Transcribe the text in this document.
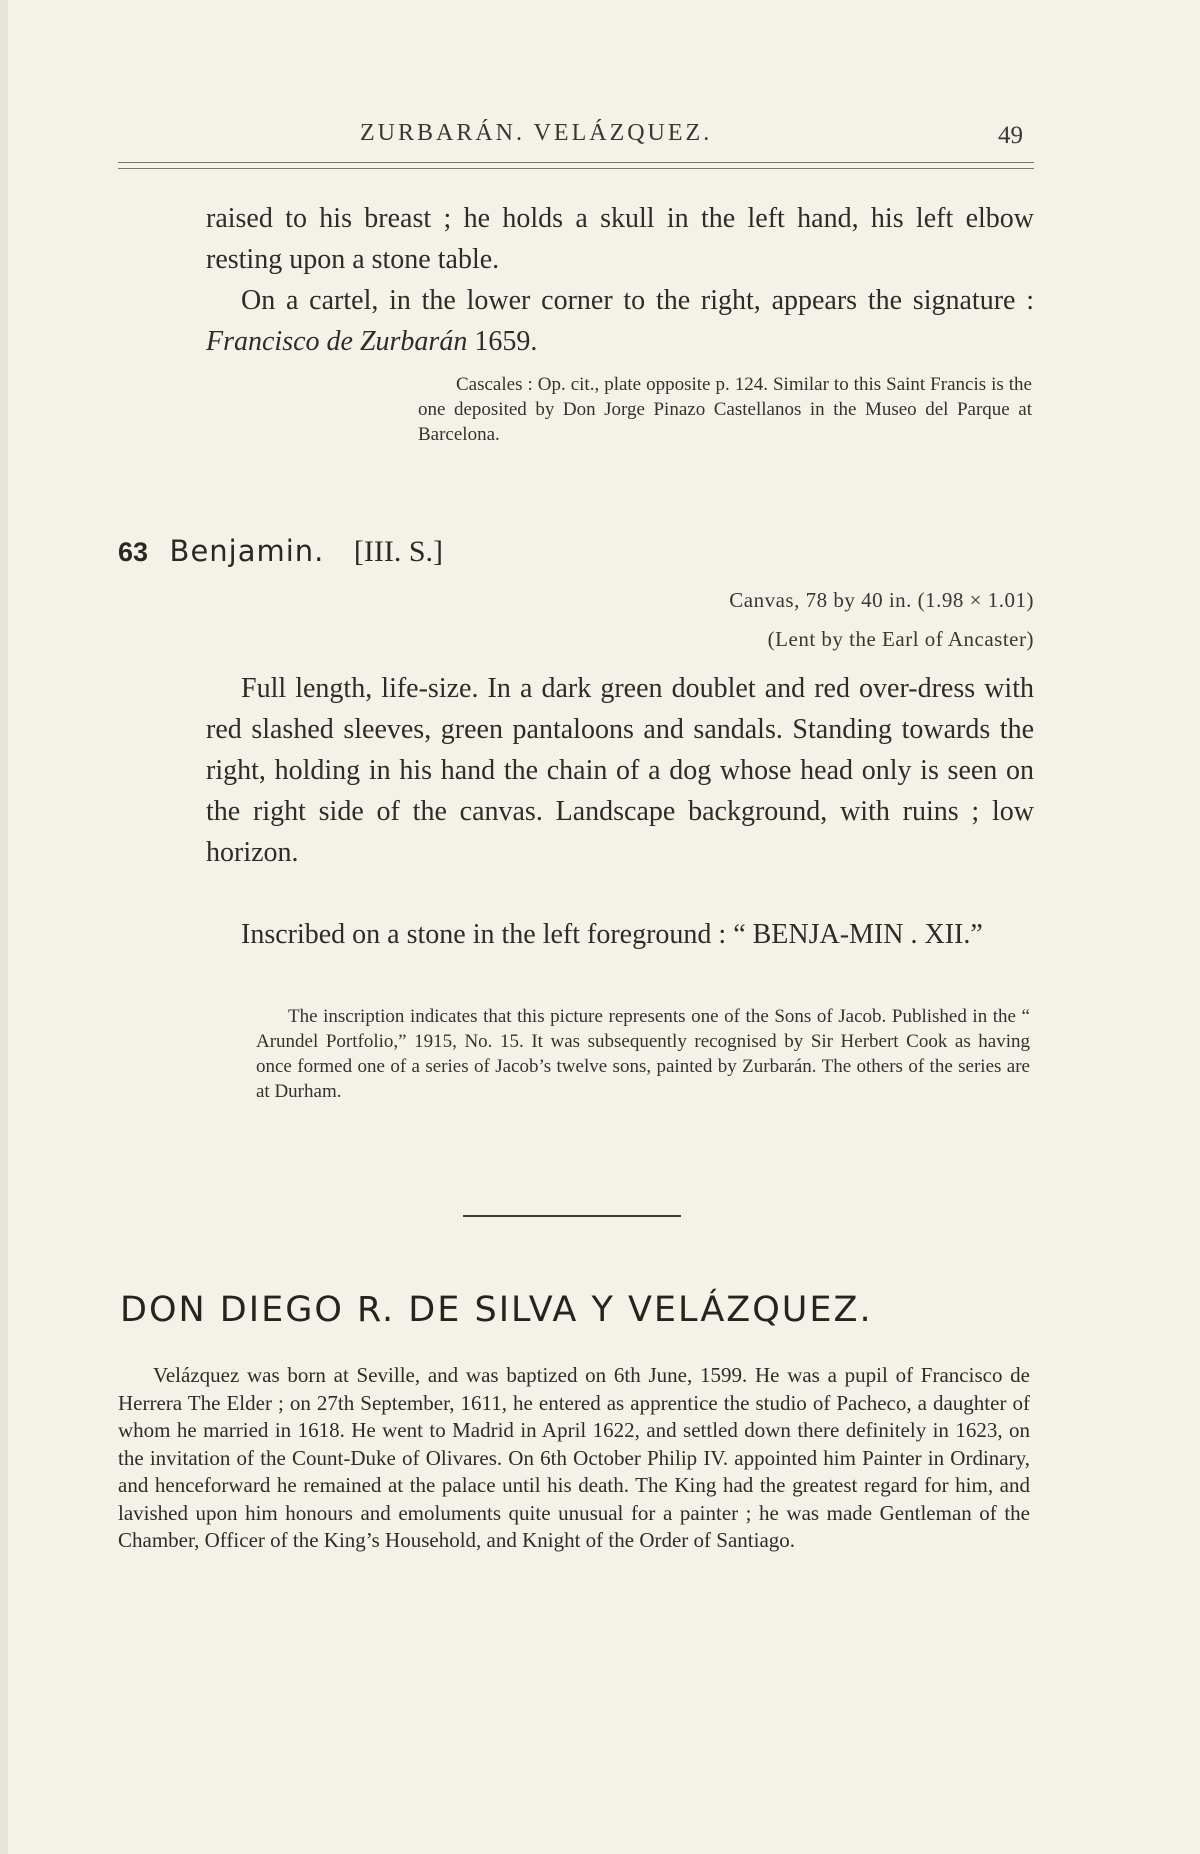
ZURBARÁN. VELÁZQUEZ.	49
raised to his breast ; he holds a skull in the left hand, his left elbow resting upon a stone table.
On a cartel, in the lower corner to the right, appears the signature : Francisco de Zurbarán 1659.
Cascales : Op. cit., plate opposite p. 124. Similar to this Saint Francis is the one deposited by Don Jorge Pinazo Castellanos in the Museo del Parque at Barcelona.
63 Benjamin. [III. S.]
Canvas, 78 by 40 in. (1.98 × 1.01)
(Lent by the Earl of Ancaster)
Full length, life-size. In a dark green doublet and red over-dress with red slashed sleeves, green pantaloons and sandals. Standing towards the right, holding in his hand the chain of a dog whose head only is seen on the right side of the canvas. Landscape background, with ruins ; low horizon.
Inscribed on a stone in the left foreground : “ BENJA-MIN . XII.”
The inscription indicates that this picture represents one of the Sons of Jacob. Published in the “ Arundel Portfolio,” 1915, No. 15. It was subsequently recognised by Sir Herbert Cook as having once formed one of a series of Jacob’s twelve sons, painted by Zurbarán. The others of the series are at Durham.
DON DIEGO R. DE SILVA Y VELÁZQUEZ.
Velázquez was born at Seville, and was baptized on 6th June, 1599. He was a pupil of Francisco de Herrera The Elder ; on 27th September, 1611, he entered as apprentice the studio of Pacheco, a daughter of whom he married in 1618. He went to Madrid in April 1622, and settled down there definitely in 1623, on the invitation of the Count-Duke of Olivares. On 6th October Philip IV. appointed him Painter in Ordinary, and henceforward he remained at the palace until his death. The King had the greatest regard for him, and lavished upon him honours and emoluments quite unusual for a painter ; he was made Gentleman of the Chamber, Officer of the King’s Household, and Knight of the Order of Santiago.
